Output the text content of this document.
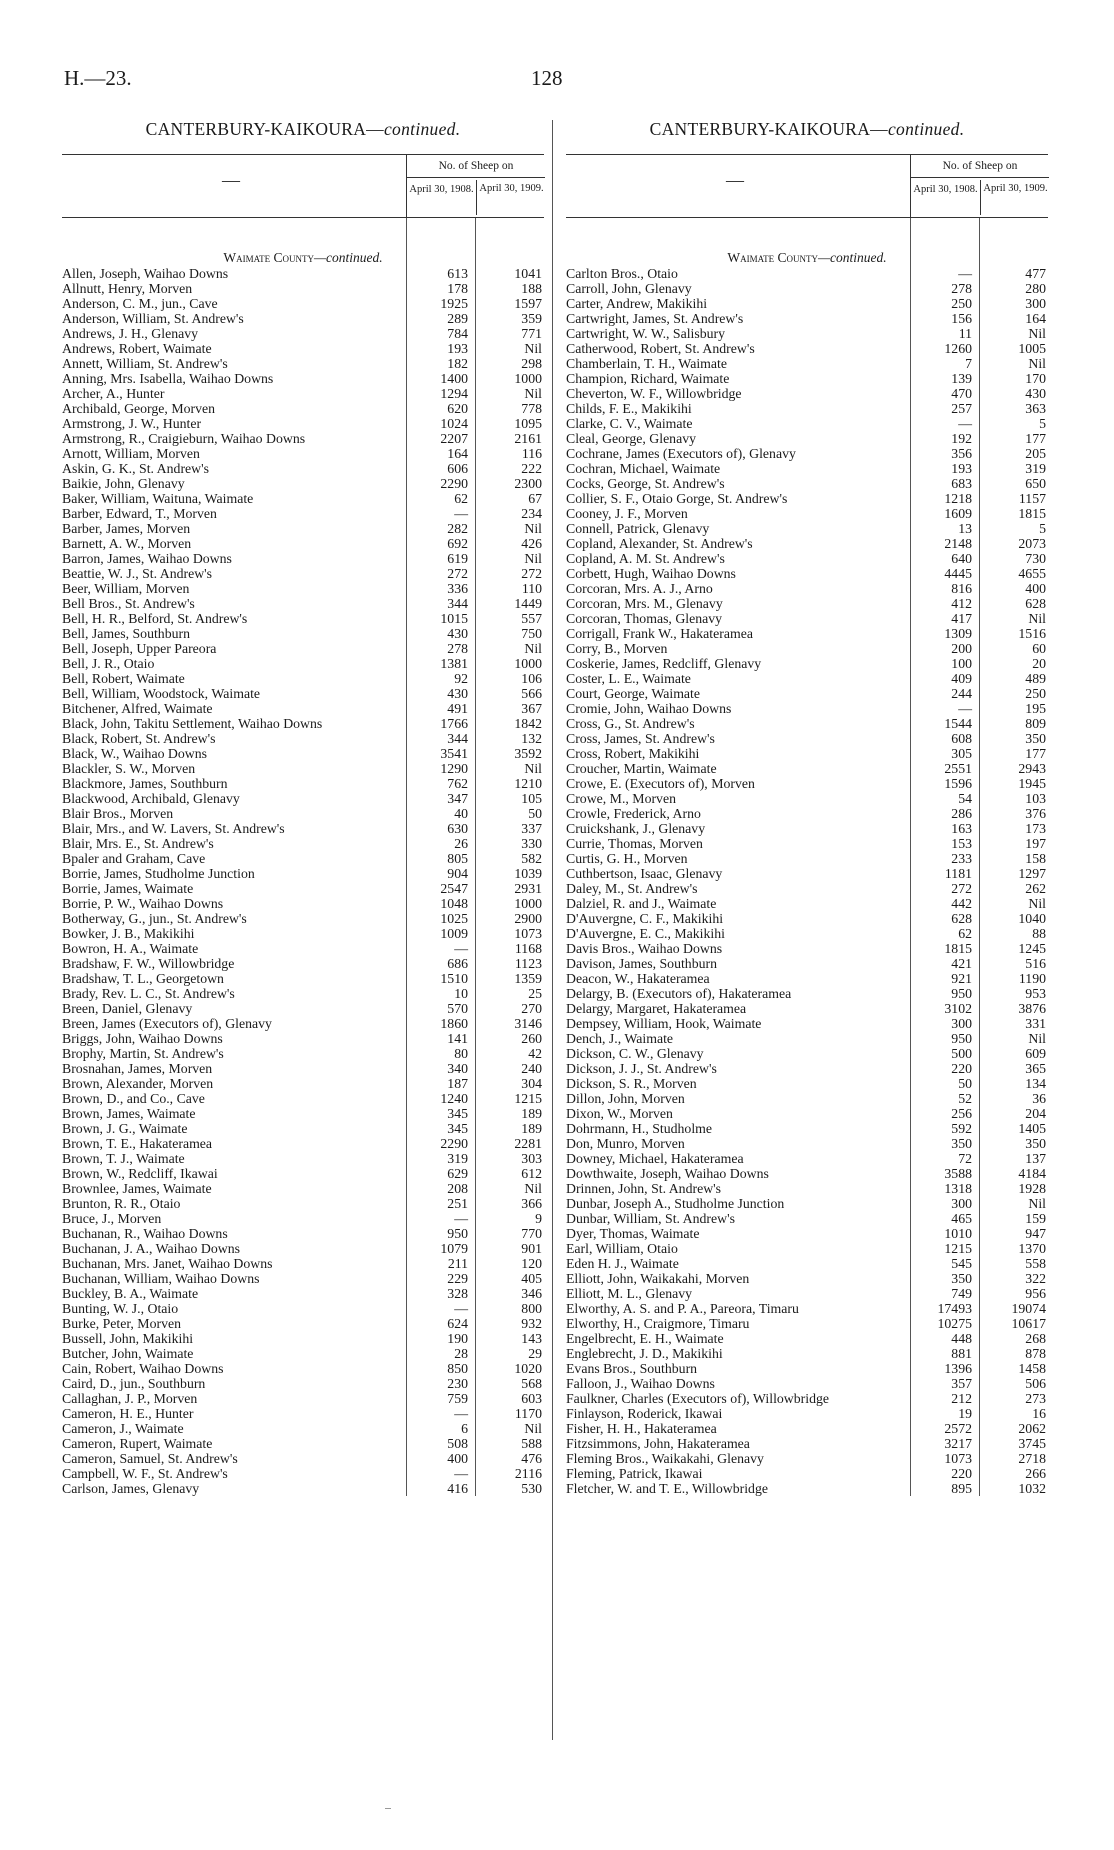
H.—23.	128
CANTERBURY-KAIKOURA—continued.
—
No. of Sheep on
April 30, 1908. April 30, 1909.
Waimate County—continued.
Allen, Joseph, Waihao Downs	613	1041
Allnutt, Henry, Morven	178	188
Anderson, C. M., jun., Cave	1925	1597
Anderson, William, St. Andrew's	289	359
Andrews, J. H., Glenavy	784	771
Andrews, Robert, Waimate	193	Nil
Annett, William, St. Andrew's	182	298
Anning, Mrs. Isabella, Waihao Downs	1400	1000
Archer, A., Hunter	1294	Nil
Archibald, George, Morven	620	778
Armstrong, J. W., Hunter	1024	1095
Armstrong, R., Craigieburn, Waihao Downs	2207	2161
Arnott, William, Morven	164	116
Askin, G. K., St. Andrew's	606	222
Baikie, John, Glenavy	2290	2300
Baker, William, Waituna, Waimate	62	67
Barber, Edward, T., Morven	—	234
Barber, James, Morven	282	Nil
Barnett, A. W., Morven	692	426
Barron, James, Waihao Downs	619	Nil
Beattie, W. J., St. Andrew's	272	272
Beer, William, Morven	336	110
Bell Bros., St. Andrew's	344	1449
Bell, H. R., Belford, St. Andrew's	1015	557
Bell, James, Southburn	430	750
Bell, Joseph, Upper Pareora	278	Nil
Bell, J. R., Otaio	1381	1000
Bell, Robert, Waimate	92	106
Bell, William, Woodstock, Waimate	430	566
Bitchener, Alfred, Waimate	491	367
Black, John, Takitu Settlement, Waihao Downs	1766	1842
Black, Robert, St. Andrew's	344	132
Black, W., Waihao Downs	3541	3592
Blackler, S. W., Morven	1290	Nil
Blackmore, James, Southburn	762	1210
Blackwood, Archibald, Glenavy	347	105
Blair Bros., Morven	40	50
Blair, Mrs., and W. Lavers, St. Andrew's	630	337
Blair, Mrs. E., St. Andrew's	26	330
Bpaler and Graham, Cave	805	582
Borrie, James, Studholme Junction	904	1039
Borrie, James, Waimate	2547	2931
Borrie, P. W., Waihao Downs	1048	1000
Botherway, G., jun., St. Andrew's	1025	2900
Bowker, J. B., Makikihi	1009	1073
Bowron, H. A., Waimate	—	1168
Bradshaw, F. W., Willowbridge	686	1123
Bradshaw, T. L., Georgetown	1510	1359
Brady, Rev. L. C., St. Andrew's	10	25
Breen, Daniel, Glenavy	570	270
Breen, James (Executors of), Glenavy	1860	3146
Briggs, John, Waihao Downs	141	260
Brophy, Martin, St. Andrew's	80	42
Brosnahan, James, Morven	340	240
Brown, Alexander, Morven	187	304
Brown, D., and Co., Cave	1240	1215
Brown, James, Waimate	345	189
Brown, J. G., Waimate	345	189
Brown, T. E., Hakateramea	2290	2281
Brown, T. J., Waimate	319	303
Brown, W., Redcliff, Ikawai	629	612
Brownlee, James, Waimate	208	Nil
Brunton, R. R., Otaio	251	366
Bruce, J., Morven	—	9
Buchanan, R., Waihao Downs	950	770
Buchanan, J. A., Waihao Downs	1079	901
Buchanan, Mrs. Janet, Waihao Downs	211	120
Buchanan, William, Waihao Downs	229	405
Buckley, B. A., Waimate	328	346
Bunting, W. J., Otaio	—	800
Burke, Peter, Morven	624	932
Bussell, John, Makikihi	190	143
Butcher, John, Waimate	28	29
Cain, Robert, Waihao Downs	850	1020
Caird, D., jun., Southburn	230	568
Callaghan, J. P., Morven	759	603
Cameron, H. E., Hunter	—	1170
Cameron, J., Waimate	6	Nil
Cameron, Rupert, Waimate	508	588
Cameron, Samuel, St. Andrew's	400	476
Campbell, W. F., St. Andrew's	—	2116
Carlson, James, Glenavy	416	530
CANTERBURY-KAIKOURA—continued.
—
No. of Sheep on
April 30, 1908. April 30, 1909.
Waimate County—continued.
Carlton Bros., Otaio	—	477
Carroll, John, Glenavy	278	280
Carter, Andrew, Makikihi	250	300
Cartwright, James, St. Andrew's	156	164
Cartwright, W. W., Salisbury	11	Nil
Catherwood, Robert, St. Andrew's	1260	1005
Chamberlain, T. H., Waimate	7	Nil
Champion, Richard, Waimate	139	170
Cheverton, W. F., Willowbridge	470	430
Childs, F. E., Makikihi	257	363
Clarke, C. V., Waimate	—	5
Cleal, George, Glenavy	192	177
Cochrane, James (Executors of), Glenavy	356	205
Cochran, Michael, Waimate	193	319
Cocks, George, St. Andrew's	683	650
Collier, S. F., Otaio Gorge, St. Andrew's	1218	1157
Cooney, J. F., Morven	1609	1815
Connell, Patrick, Glenavy	13	5
Copland, Alexander, St. Andrew's	2148	2073
Copland, A. M. St. Andrew's	640	730
Corbett, Hugh, Waihao Downs	4445	4655
Corcoran, Mrs. A. J., Arno	816	400
Corcoran, Mrs. M., Glenavy	412	628
Corcoran, Thomas, Glenavy	417	Nil
Corrigall, Frank W., Hakateramea	1309	1516
Corry, B., Morven	200	60
Coskerie, James, Redcliff, Glenavy	100	20
Coster, L. E., Waimate	409	489
Court, George, Waimate	244	250
Cromie, John, Waihao Downs	—	195
Cross, G., St. Andrew's	1544	809
Cross, James, St. Andrew's	608	350
Cross, Robert, Makikihi	305	177
Croucher, Martin, Waimate	2551	2943
Crowe, E. (Executors of), Morven	1596	1945
Crowe, M., Morven	54	103
Crowle, Frederick, Arno	286	376
Cruickshank, J., Glenavy	163	173
Currie, Thomas, Morven	153	197
Curtis, G. H., Morven	233	158
Cuthbertson, Isaac, Glenavy	1181	1297
Daley, M., St. Andrew's	272	262
Dalziel, R. and J., Waimate	442	Nil
D'Auvergne, C. F., Makikihi	628	1040
D'Auvergne, E. C., Makikihi	62	88
Davis Bros., Waihao Downs	1815	1245
Davison, James, Southburn	421	516
Deacon, W., Hakateramea	921	1190
Delargy, B. (Executors of), Hakateramea	950	953
Delargy, Margaret, Hakateramea	3102	3876
Dempsey, William, Hook, Waimate	300	331
Dench, J., Waimate	950	Nil
Dickson, C. W., Glenavy	500	609
Dickson, J. J., St. Andrew's	220	365
Dickson, S. R., Morven	50	134
Dillon, John, Morven	52	36
Dixon, W., Morven	256	204
Dohrmann, H., Studholme	592	1405
Don, Munro, Morven	350	350
Downey, Michael, Hakateramea	72	137
Dowthwaite, Joseph, Waihao Downs	3588	4184
Drinnen, John, St. Andrew's	1318	1928
Dunbar, Joseph A., Studholme Junction	300	Nil
Dunbar, William, St. Andrew's	465	159
Dyer, Thomas, Waimate	1010	947
Earl, William, Otaio	1215	1370
Eden H. J., Waimate	545	558
Elliott, John, Waikakahi, Morven	350	322
Elliott, M. L., Glenavy	749	956
Elworthy, A. S. and P. A., Pareora, Timaru	17493	19074
Elworthy, H., Craigmore, Timaru	10275	10617
Engelbrecht, E. H., Waimate	448	268
Englebrecht, J. D., Makikihi	881	878
Evans Bros., Southburn	1396	1458
Falloon, J., Waihao Downs	357	506
Faulkner, Charles (Executors of), Willowbridge	212	273
Finlayson, Roderick, Ikawai	19	16
Fisher, H. H., Hakateramea	2572	2062
Fitzsimmons, John, Hakateramea	3217	3745
Fleming Bros., Waikakahi, Glenavy	1073	2718
Fleming, Patrick, Ikawai	220	266
Fletcher, W. and T. E., Willowbridge	895	1032
